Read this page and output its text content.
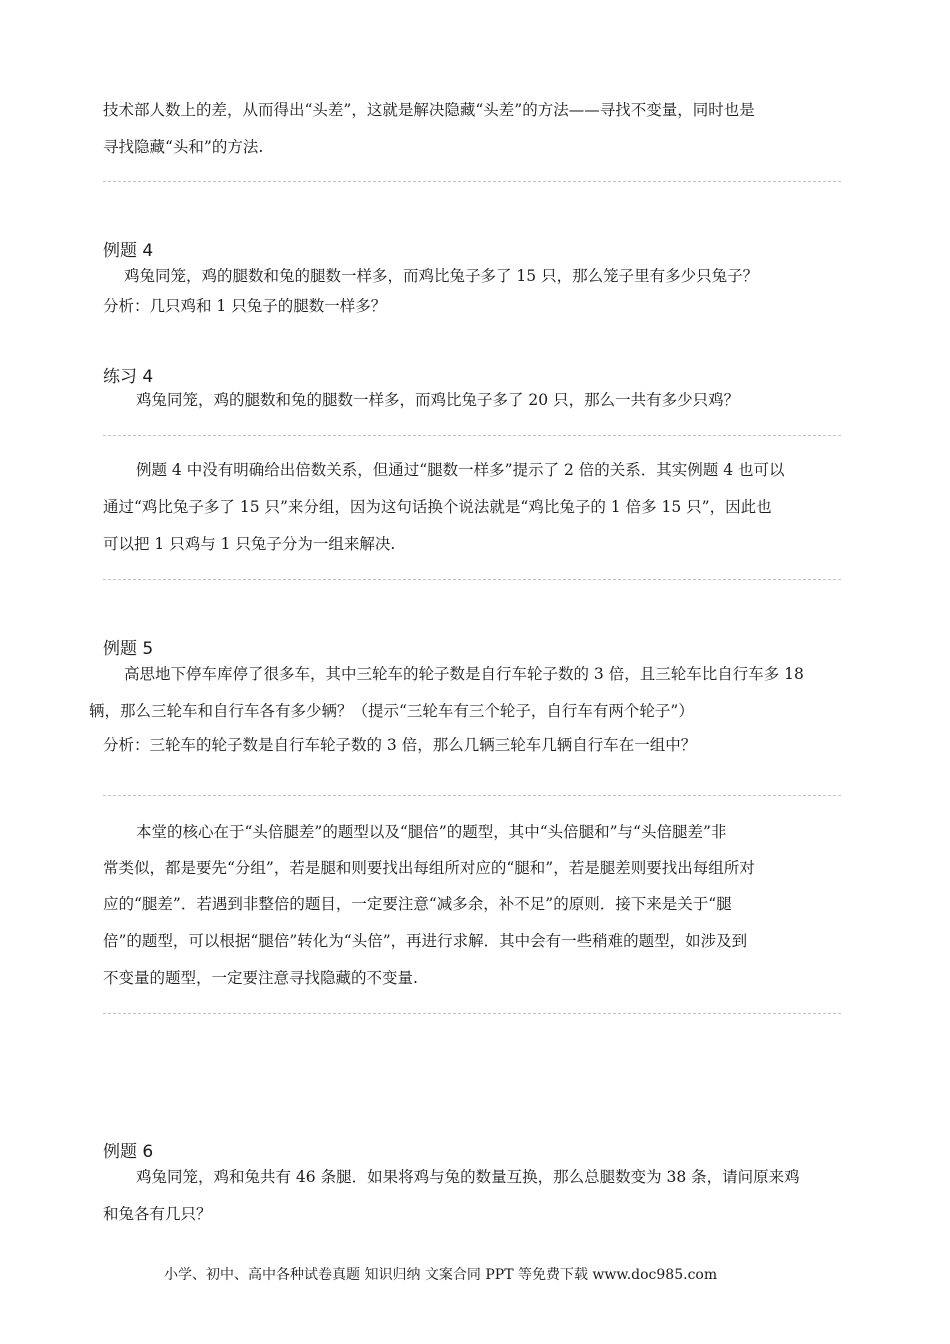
技术部人数上的差，从而得出“头差”，这就是解决隐藏“头差”的方法——寻找不变量，同时也是
寻找隐藏“头和”的方法.
例题 4
鸡兔同笼，鸡的腿数和兔的腿数一样多，而鸡比兔子多了 15 只，那么笼子里有多少只兔子？
分析：几只鸡和 1 只兔子的腿数一样多？
练习 4
鸡兔同笼，鸡的腿数和兔的腿数一样多，而鸡比兔子多了 20 只，那么一共有多少只鸡？
例题 4 中没有明确给出倍数关系，但通过“腿数一样多”提示了 2 倍的关系．其实例题 4 也可以
通过“鸡比兔子多了 15 只”来分组，因为这句话换个说法就是“鸡比兔子的 1 倍多 15 只”，因此也
可以把 1 只鸡与 1 只兔子分为一组来解决.
例题 5
高思地下停车库停了很多车，其中三轮车的轮子数是自行车轮子数的 3 倍，且三轮车比自行车多 18
辆，那么三轮车和自行车各有多少辆？（提示“三轮车有三个轮子，自行车有两个轮子”）
分析：三轮车的轮子数是自行车轮子数的 3 倍，那么几辆三轮车几辆自行车在一组中？
本堂的核心在于“头倍腿差”的题型以及“腿倍”的题型，其中“头倍腿和”与“头倍腿差”非
常类似，都是要先“分组”，若是腿和则要找出每组所对应的“腿和”，若是腿差则要找出每组所对
应的“腿差”．若遇到非整倍的题目，一定要注意“减多余，补不足”的原则．接下来是关于“腿
倍”的题型，可以根据“腿倍”转化为“头倍”，再进行求解．其中会有一些稍难的题型，如涉及到
不变量的题型，一定要注意寻找隐藏的不变量.
例题 6
鸡兔同笼，鸡和兔共有 46 条腿．如果将鸡与兔的数量互换，那么总腿数变为 38 条，请问原来鸡
和兔各有几只？
小学、初中、高中各种试卷真题 知识归纳 文案合同 PPT 等免费下载 www.doc985.com
